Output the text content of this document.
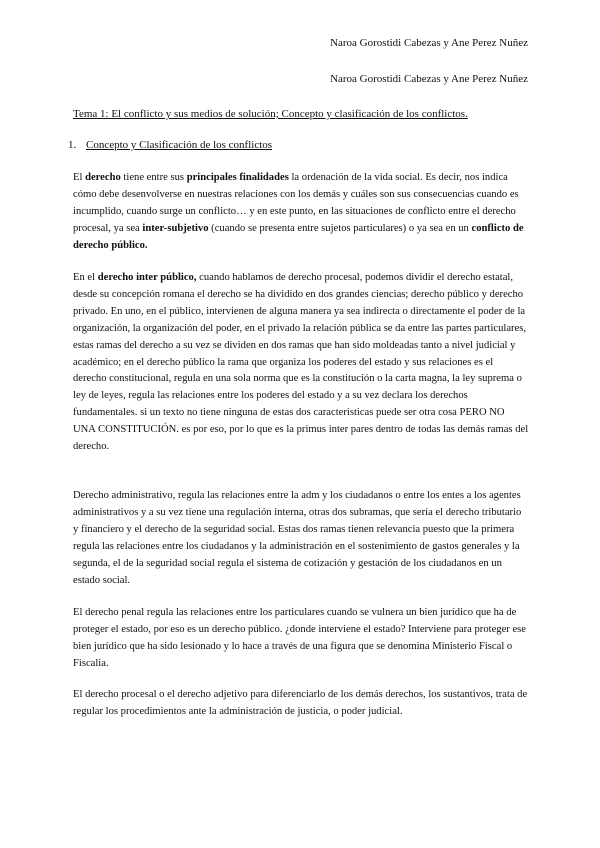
Naroa Gorostidi Cabezas y Ane Perez Nuñez
Naroa Gorostidi Cabezas y Ane Perez Nuñez
Tema 1: El conflicto y sus medios de solución; Concepto y clasificación de los conflictos.
1. Concepto y Clasificación de los conflictos

El derecho tiene entre sus principales finalidades la ordenación de la vida social. Es decir, nos indica cómo debe desenvolverse en nuestras relaciones con los demás y cuáles son sus consecuencias cuando es incumplido, cuando surge un conflicto… y en este punto, en las situaciones de conflicto entre el derecho procesal, ya sea inter-subjetivo (cuando se presenta entre sujetos particulares) o ya sea en un conflicto de derecho público.

En el derecho inter público, cuando hablamos de derecho procesal, podemos dividir el derecho estatal, desde su concepción romana el derecho se ha dividido en dos grandes ciencias; derecho público y derecho privado. En uno, en el público, intervienen de alguna manera ya sea indirecta o directamente el poder de la organización, la organización del poder, en el privado la relación pública se da entre las partes particulares, estas ramas del derecho a su vez se dividen en dos ramas que han sido moldeadas tanto a nivel judicial y académico; en el derecho público la rama que organiza los poderes del estado y sus relaciones es el derecho constitucional, regula en una sola norma que es la constitución o la carta magna, la ley suprema o ley de leyes, regula las relaciones entre los poderes del estado y a su vez declara los derechos fundamentales. si un texto no tiene ninguna de estas dos caracteristicas puede ser otra cosa PERO NO UNA CONSTITUCIÓN. es por eso, por lo que es la primus inter pares dentro de todas las demás ramas del derecho.

Derecho administrativo, regula las relaciones entre la adm y los ciudadanos o entre los entes a los agentes administrativos y a su vez tiene una regulación interna, otras dos subramas, que sería el derecho tributario y financiero y el derecho de la seguridad social. Estas dos ramas tienen relevancia puesto que la primera regula las relaciones entre los ciudadanos y la administración en el sostenimiento de gastos generales y la segunda, el de la seguridad social regula el sistema de cotización y gestación de los ciudadanos en un estado social.

El derecho penal regula las relaciones entre los particulares cuando se vulnera un bien jurídico que ha de proteger el estado, por eso es un derecho público. ¿donde interviene el estado? Interviene para proteger ese bien jurídico que ha sido lesionado y lo hace a través de una figura que se denomina Ministerio Fiscal o Fiscalia.

El derecho procesal o el derecho adjetivo para diferenciarlo de los demás derechos, los sustantivos, trata de regular los procedimientos ante la administración de justicia, o poder judicial.
